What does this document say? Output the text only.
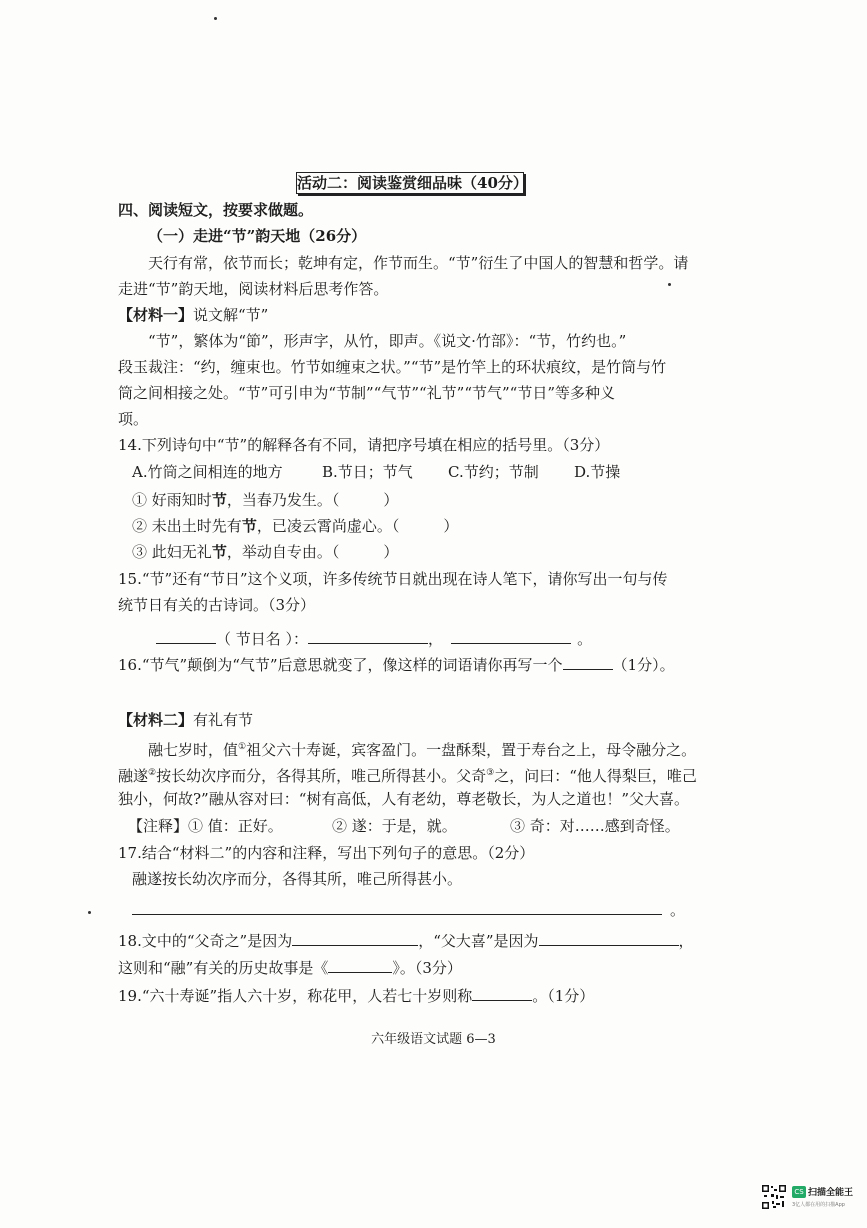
活动二：阅读鉴赏细品味（40分）
四、阅读短文，按要求做题。
（一）走进“节”韵天地（26分）
天行有常，依节而长；乾坤有定，作节而生。“节”衍生了中国人的智慧和哲学。请
走进“节”韵天地，阅读材料后思考作答。
【材料一】说文解“节”
“节”，繁体为“節”，形声字，从竹，即声。《说文·竹部》：“节，竹约也。”
段玉裁注：“约，缠束也。竹节如缠束之状。”“节”是竹竿上的环状痕纹，是竹筒与竹
筒之间相接之处。“节”可引申为“节制”“气节”“礼节”“节气”“节日”等多种义
项。
14.下列诗句中“节”的解释各有不同，请把序号填在相应的括号里。（3分）
A.竹筒之间相连的地方	B.节日；节气 C.节约；节制 D.节操
① 好雨知时节，当春乃发生。（	）
② 未出土时先有节，已凌云霄尚虚心。（	）
③ 此妇无礼节，举动自专由。（	）
15.“节”还有“节日”这个义项，许多传统节日就出现在诗人笔下，请你写出一句与传
统节日有关的古诗词。（3分）
（ 节日名 ）：	，	。
16.“节气”颠倒为“气节”后意思就变了，像这样的词语请你再写一个	（1分）。
【材料二】有礼有节
融七岁时，值①祖父六十寿诞，宾客盈门。一盘酥梨，置于寿台之上，母令融分之。
融遂②按长幼次序而分，各得其所，唯己所得甚小。父奇③之，问曰：“他人得梨巨，唯己
独小，何故?”融从容对曰：“树有高低，人有老幼，尊老敬长，为人之道也！”父大喜。
【注释】① 值：正好。	② 遂：于是，就。	③ 奇：对……感到奇怪。
17.结合“材料二”的内容和注释，写出下列句子的意思。（2分）
融遂按长幼次序而分，各得其所，唯己所得甚小。
。
18.文中的“父奇之”是因为	，“父大喜”是因为	，
这则和“融”有关的历史故事是《	》。（3分）
19.“六十寿诞”指人六十岁，称花甲，人若七十岁则称	。（1分）
六年级语文试题 6—3
CS 扫描全能王
3亿人都在用的扫描App
